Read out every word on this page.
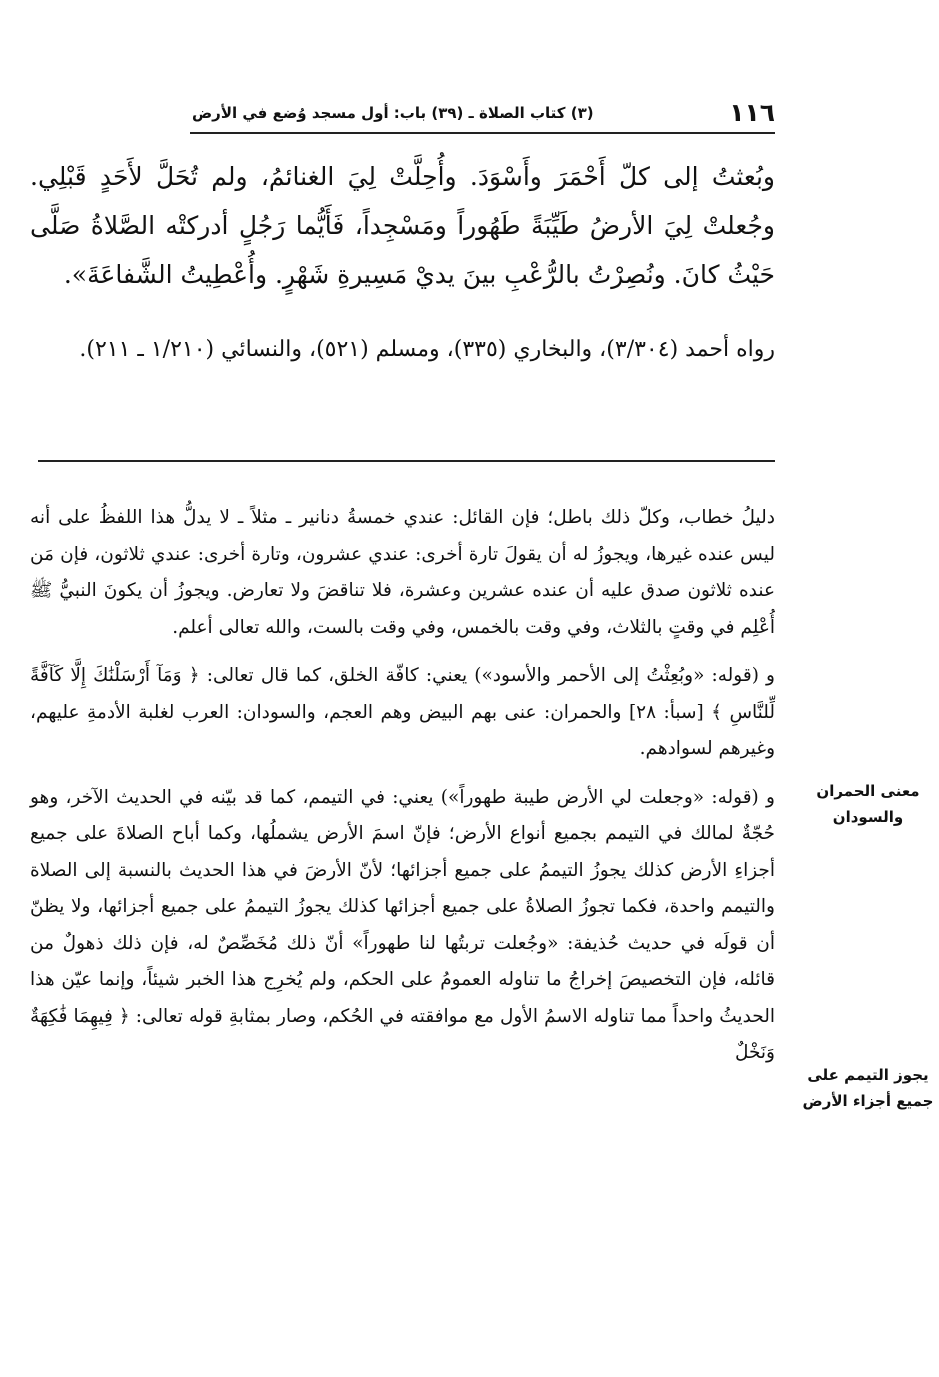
١١٦
(٣) كتاب الصلاة ـ (٣٩) باب: أول مسجد وُضع في الأرض
وبُعثتُ إلى كلّ أَحْمَرَ وأَسْوَدَ. وأُحِلَّتْ لِيَ الغنائمُ، ولم تُحَلَّ لأَحَدٍ قَبْلِي. وجُعلتْ لِيَ الأرضُ طَيِّبَةً طَهُوراً ومَسْجِداً، فَأَيُّما رَجُلٍ أدركتْه الصَّلاةُ صَلَّى حَيْثُ كانَ. ونُصِرْتُ بالرُّعْبِ بينَ يديْ مَسِيرةِ شَهْرٍ. وأُعْطِيتُ الشَّفاعَةَ».
رواه أحمد (٣/٣٠٤)، والبخاري (٣٣٥)، ومسلم (٥٢١)، والنسائي (١/٢١٠ ـ ٢١١).

دليلُ خطاب، وكلّ ذلك باطل؛ فإن القائل: عندي خمسةُ دنانير ـ مثلاً ـ لا يدلُّ هذا اللفظُ على أنه ليس عنده غيرها، ويجوزُ له أن يقولَ تارة أخرى: عندي عشرون، وتارة أخرى: عندي ثلاثون، فإن مَن عنده ثلاثون صدق عليه أن عنده عشرين وعشرة، فلا تناقضَ ولا تعارض. ويجوزُ أن يكونَ النبيُّ ﷺ أُعْلِم في وقتٍ بالثلاث، وفي وقت بالخمس، وفي وقت بالست، والله تعالى أعلم.

و (قوله: «وبُعِثْتُ إلى الأحمر والأسود») يعني: كافّة الخلق، كما قال تعالى: ﴿ وَمَآ أَرْسَلْنَٰكَ إِلَّا كَآفَّةً لِّلنَّاسِ ﴾ [سبأ: ٢٨] والحمران: عنى بهم البيض وهم العجم، والسودان: العرب لغلبة الأدمةِ عليهم، وغيرهم لسوادهم.

و (قوله: «وجعلت لي الأرض طيبة طهوراً») يعني: في التيمم، كما قد بيّنه في الحديث الآخر، وهو حُجّةٌ لمالك في التيمم بجميع أنواع الأرض؛ فإنّ اسمَ الأرض يشملُها، وكما أباح الصلاةَ على جميع أجزاءِ الأرض كذلك يجوزُ التيممُ على جميع أجزائها؛ لأنّ الأرضَ في هذا الحديث بالنسبة إلى الصلاة والتيمم واحدة، فكما تجوزُ الصلاةُ على جميع أجزائها كذلك يجوزُ التيممُ على جميع أجزائها، ولا يظنّ أن قولَه في حديث حُذيفة: «وجُعلت تربتُها لنا طهوراً» أنّ ذلك مُخَصِّصٌ له، فإن ذلك ذهولٌ من قائله، فإن التخصيصَ إخراجُ ما تناوله العمومُ على الحكم، ولم يُخرِج هذا الخبر شيئاً، وإنما عيّن هذا الحديثُ واحداً مما تناوله الاسمُ الأول مع موافقته في الحُكم، وصار بمثابةِ قوله تعالى: ﴿ فِيهِمَا فَٰكِهَةٌ وَنَخْلٌ

معنى الحمران والسودان
يجوز التيمم على جميع أجزاء الأرض
